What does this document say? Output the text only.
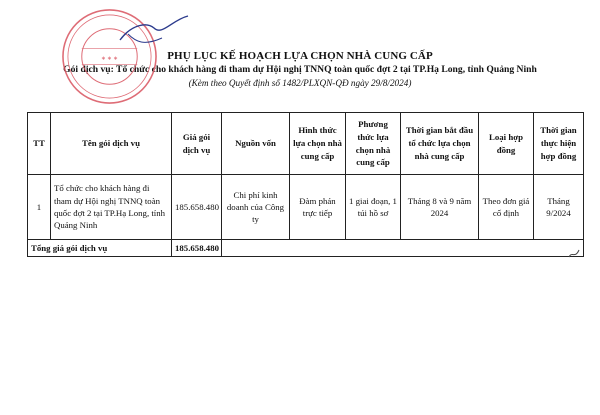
* * *	PHỤ LỤC KẾ HOẠCH LỰA CHỌN NHÀ CUNG CẤP
Gói dịch vụ: Tổ chức cho khách hàng đi tham dự Hội nghị TNNQ toàn quốc đợt 2 tại TP.Hạ Long, tỉnh Quảng Ninh
(Kèm theo Quyết định số 1482/PLXQN-QĐ ngày 29/8/2024)
TT	Tên gói dịch vụ	Giá gói dịch vụ	Nguồn vốn	Hình thức lựa chọn nhà cung cấp	Phương thức lựa chọn nhà cung cấp	Thời gian bắt đầu tổ chức lựa chọn nhà cung cấp	Loại hợp đồng	Thời gian thực hiện hợp đồng
1	Tổ chức cho khách hàng đi tham dự Hội nghị TNNQ toàn quốc đợt 2 tại TP.Hạ Long, tỉnh Quảng Ninh	185.658.480	Chi phí kinh doanh của Công ty	Đàm phán trực tiếp	1 giai đoạn, 1 túi hồ sơ	Tháng 8 và 9 năm 2024	Theo đơn giá cố định	Tháng 9/2024
Tổng giá gói dịch vụ		185.658.480						
